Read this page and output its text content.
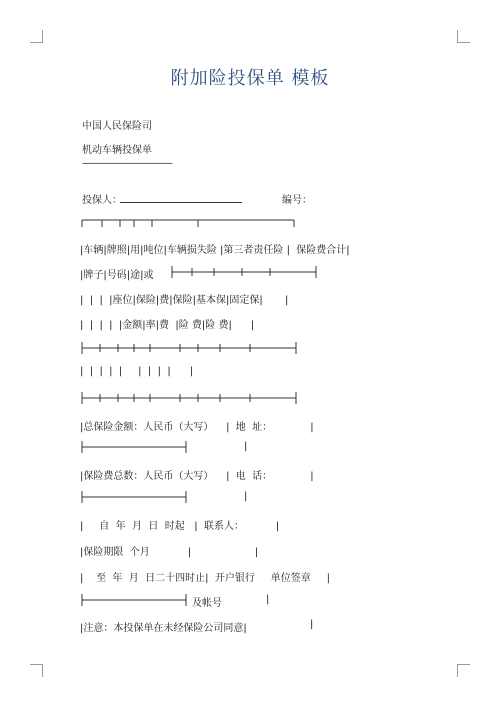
附加险投保单 模板
中国人民保险司
机动车辆投保单
——————————
投保人：	编号：
|车辆|牌照|用|吨位|车辆损失险 |第三者责任险 |  保险费合计|
|牌子|号码|途|或
|  |  |  |座位|保险|费|保险|基本保|固定保|       |
|  |  |  |  |金额|率|费  |险 费|险 费|      |
|  |  |  |  |     |  |  |  |      |
|总保险金额：人民币（大写）    |  地  址：            |
|
|保险费总数：人民币（大写）    |  电  话：            |
|
|     自  年  月  日  时起   |  联系人：          |
|保险期限  个月            |                    |
|    至  年  月  日二十四时止|  开户银行     单位签章     |
及帐号	|
|注意：本投保单在未经保险公司同意|	|
